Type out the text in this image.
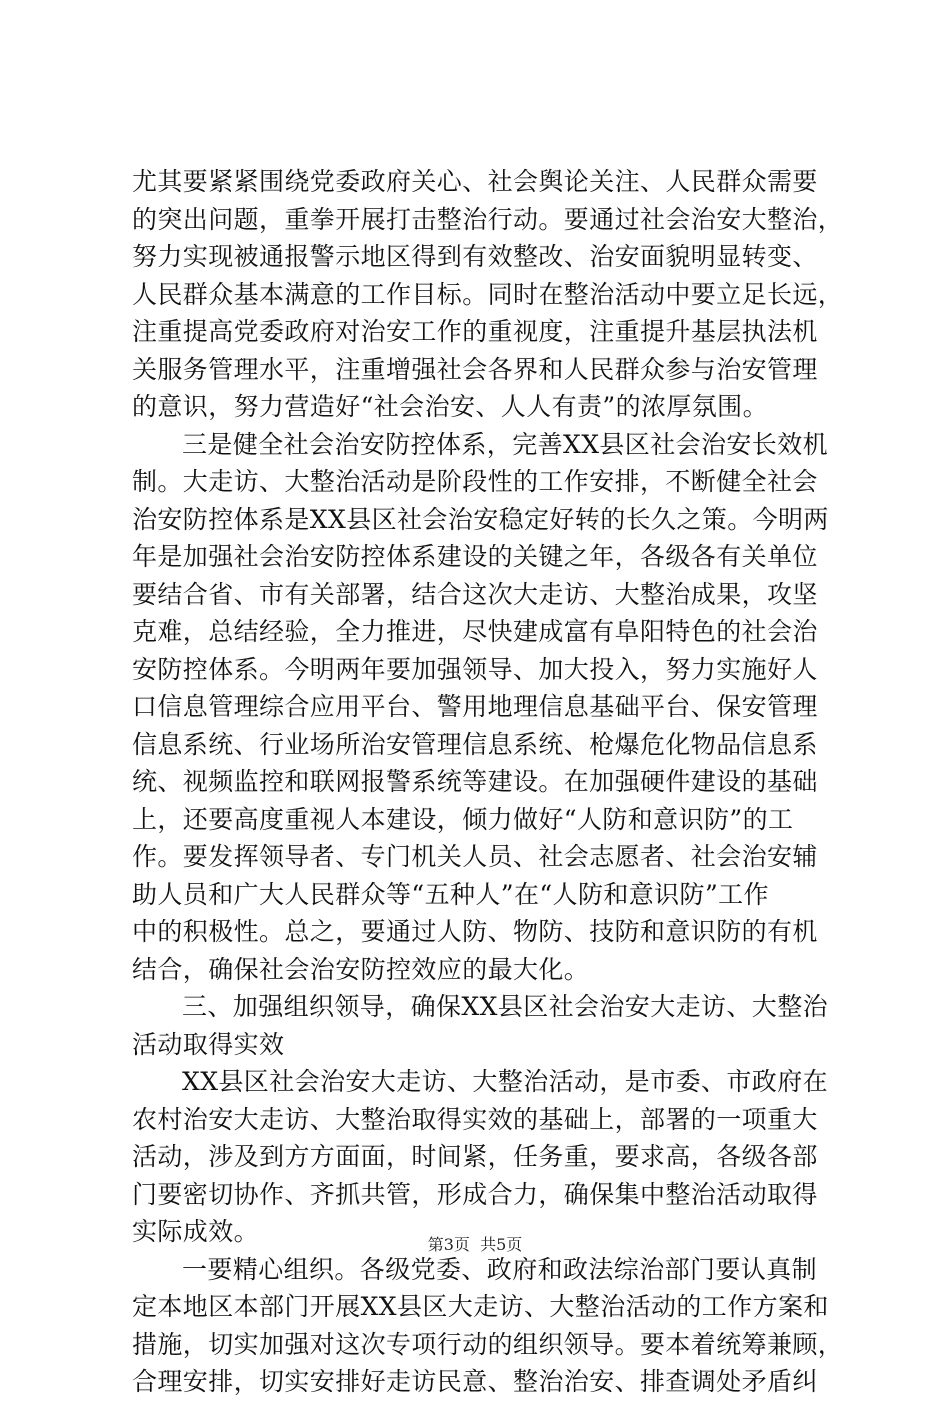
尤其要紧紧围绕党委政府关心、社会舆论关注、人民群众需要
的突出问题，重拳开展打击整治行动。要通过社会治安大整治，
努力实现被通报警示地区得到有效整改、治安面貌明显转变、
人民群众基本满意的工作目标。同时在整治活动中要立足长远，
注重提高党委政府对治安工作的重视度，注重提升基层执法机
关服务管理水平，注重增强社会各界和人民群众参与治安管理
的意识，努力营造好“社会治安、人人有责”的浓厚氛围。
三是健全社会治安防控体系，完善XX县区社会治安长效机
制。大走访、大整治活动是阶段性的工作安排，不断健全社会
治安防控体系是XX县区社会治安稳定好转的长久之策。今明两
年是加强社会治安防控体系建设的关键之年，各级各有关单位
要结合省、市有关部署，结合这次大走访、大整治成果，攻坚
克难，总结经验，全力推进，尽快建成富有阜阳特色的社会治
安防控体系。今明两年要加强领导、加大投入，努力实施好人
口信息管理综合应用平台、警用地理信息基础平台、保安管理
信息系统、行业场所治安管理信息系统、枪爆危化物品信息系
统、视频监控和联网报警系统等建设。在加强硬件建设的基础
上，还要高度重视人本建设，倾力做好“人防和意识防”的工
作。要发挥领导者、专门机关人员、社会志愿者、社会治安辅
助人员和广大人民群众等“五种人”在“人防和意识防”工作
中的积极性。总之，要通过人防、物防、技防和意识防的有机
结合，确保社会治安防控效应的最大化。
三、加强组织领导，确保XX县区社会治安大走访、大整治
活动取得实效
XX县区社会治安大走访、大整治活动，是市委、市政府在
农村治安大走访、大整治取得实效的基础上，部署的一项重大
活动，涉及到方方面面，时间紧，任务重，要求高，各级各部
门要密切协作、齐抓共管，形成合力，确保集中整治活动取得
实际成效。
一要精心组织。各级党委、政府和政法综治部门要认真制
定本地区本部门开展XX县区大走访、大整治活动的工作方案和
措施，切实加强对这次专项行动的组织领导。要本着统筹兼顾，
合理安排，切实安排好走访民意、整治治安、排查调处矛盾纠
第3页  共5页
